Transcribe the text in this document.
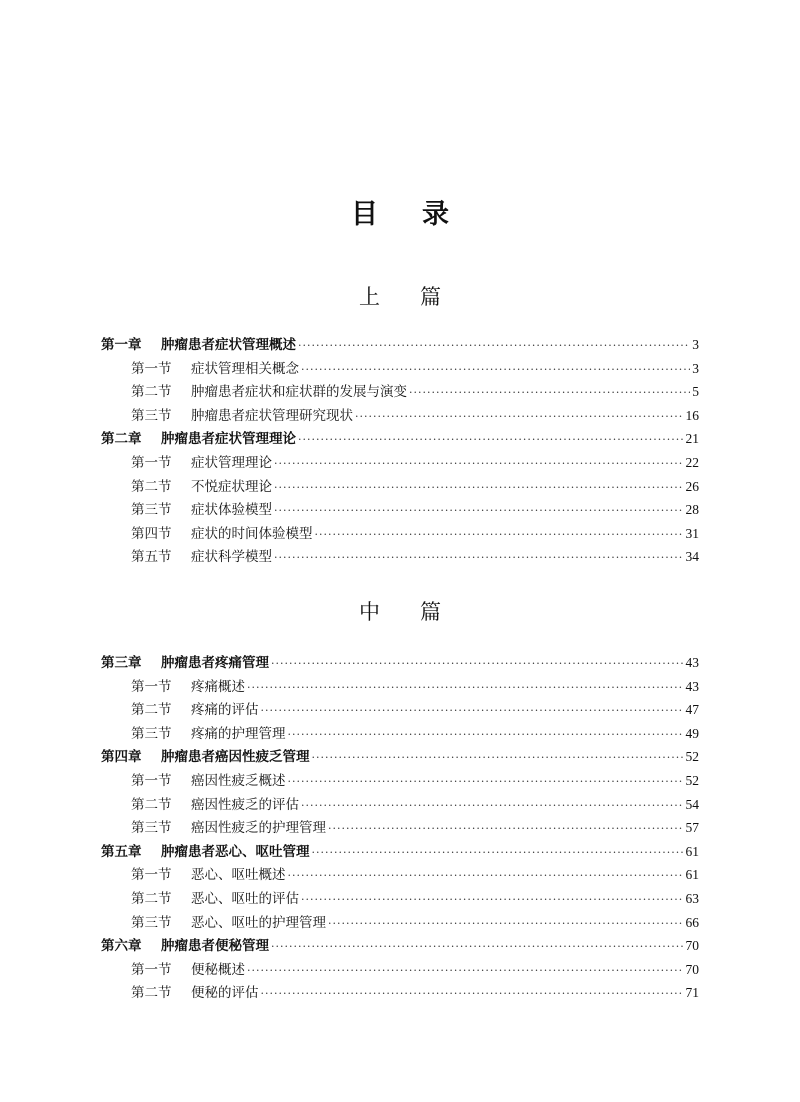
目录
上篇
第一章	肿瘤患者症状管理概述 ·····	3
第一节	症状管理相关概念 ·····	3
第二节	肿瘤患者症状和症状群的发展与演变 ·····	5
第三节	肿瘤患者症状管理研究现状 ·····	16
第二章	肿瘤患者症状管理理论 ·····	21
第一节	症状管理理论 ·····	22
第二节	不悦症状理论 ·····	26
第三节	症状体验模型 ·····	28
第四节	症状的时间体验模型 ·····	31
第五节	症状科学模型 ·····	34
中篇
第三章	肿瘤患者疼痛管理 ·····	43
第一节	疼痛概述 ·····	43
第二节	疼痛的评估 ·····	47
第三节	疼痛的护理管理 ·····	49
第四章	肿瘤患者癌因性疲乏管理 ·····	52
第一节	癌因性疲乏概述 ·····	52
第二节	癌因性疲乏的评估 ·····	54
第三节	癌因性疲乏的护理管理 ·····	57
第五章	肿瘤患者恶心、呕吐管理 ·····	61
第一节	恶心、呕吐概述 ·····	61
第二节	恶心、呕吐的评估 ·····	63
第三节	恶心、呕吐的护理管理 ·····	66
第六章	肿瘤患者便秘管理 ·····	70
第一节	便秘概述 ·····	70
第二节	便秘的评估 ·····	71
